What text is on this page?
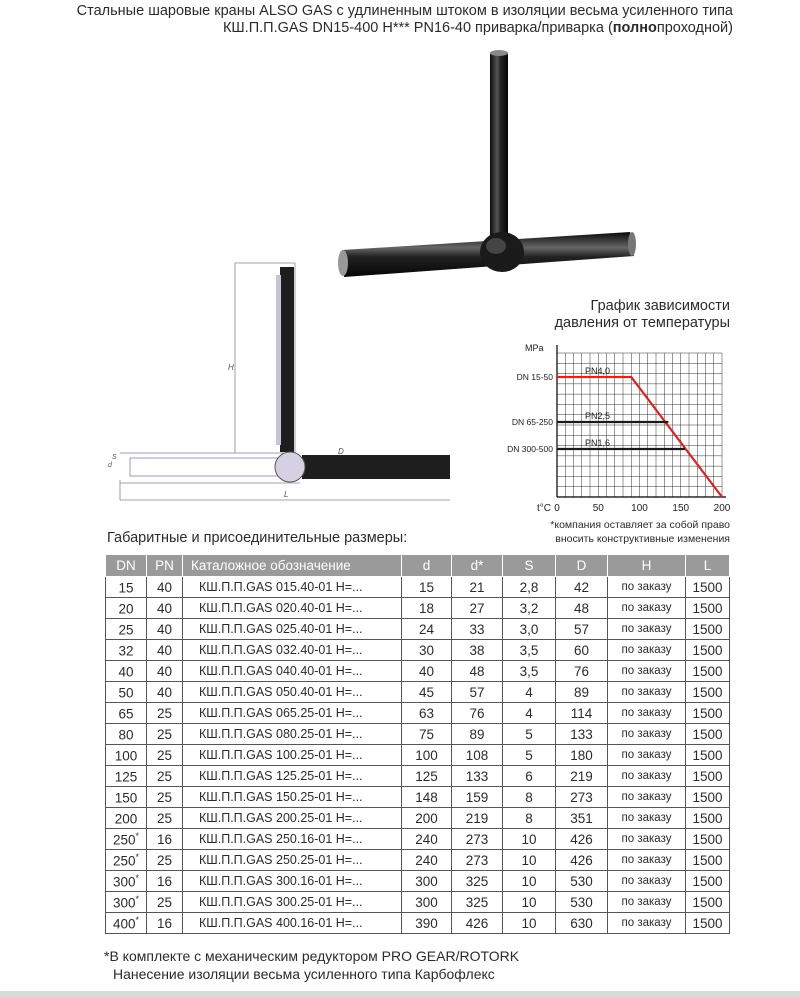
Стальные шаровые краны ALSO GAS с удлиненным штоком в изоляции весьма усиленного типа
КШ.П.П.GAS DN15-400 H*** PN16-40 приварка/приварка (полнопроходной)
H
L
D
d
S
График зависимости
давления от температуры
MPa
t°C 0	50	100 150 200
DN 15-50
DN 65-250
DN 300-500
PN4,0
PN2,5
PN1,6
*компания оставляет за собой право
вносить конструктивные изменения
Габаритные и присоединительные размеры:
DN	PN	Каталожное обозначение	d	d*	S	D	H	L
15	40	КШ.П.П.GAS 015.40-01 H=...	15	21	2,8	42	по заказу	1500
20	40	КШ.П.П.GAS 020.40-01 H=...	18	27	3,2	48	по заказу	1500
25	40	КШ.П.П.GAS 025.40-01 H=...	24	33	3,0	57	по заказу	1500
32	40	КШ.П.П.GAS 032.40-01 H=...	30	38	3,5	60	по заказу	1500
40	40	КШ.П.П.GAS 040.40-01 H=...	40	48	3,5	76	по заказу	1500
50	40	КШ.П.П.GAS 050.40-01 H=...	45	57	4	89	по заказу	1500
65	25	КШ.П.П.GAS 065.25-01 H=...	63	76	4	114	по заказу	1500
80	25	КШ.П.П.GAS 080.25-01 H=...	75	89	5	133	по заказу	1500
100	25	КШ.П.П.GAS 100.25-01 H=...	100	108	5	180	по заказу	1500
125	25	КШ.П.П.GAS 125.25-01 H=...	125	133	6	219	по заказу	1500
150	25	КШ.П.П.GAS 150.25-01 H=...	148	159	8	273	по заказу	1500
200	25	КШ.П.П.GAS 200.25-01 H=...	200	219	8	351	по заказу	1500
250*	16	КШ.П.П.GAS 250.16-01 H=...	240	273	10	426	по заказу	1500
250*	25	КШ.П.П.GAS 250.25-01 H=...	240	273	10	426	по заказу	1500
300*	16	КШ.П.П.GAS 300.16-01 H=...	300	325	10	530	по заказу	1500
300*	25	КШ.П.П.GAS 300.25-01 H=...	300	325	10	530	по заказу	1500
400*	16	КШ.П.П.GAS 400.16-01 H=...	390	426	10	630	по заказу	1500
*В комплекте с механическим редуктором PRO GEAR/ROTORK
Нанесение изоляции весьма усиленного типа Карбофлекс
